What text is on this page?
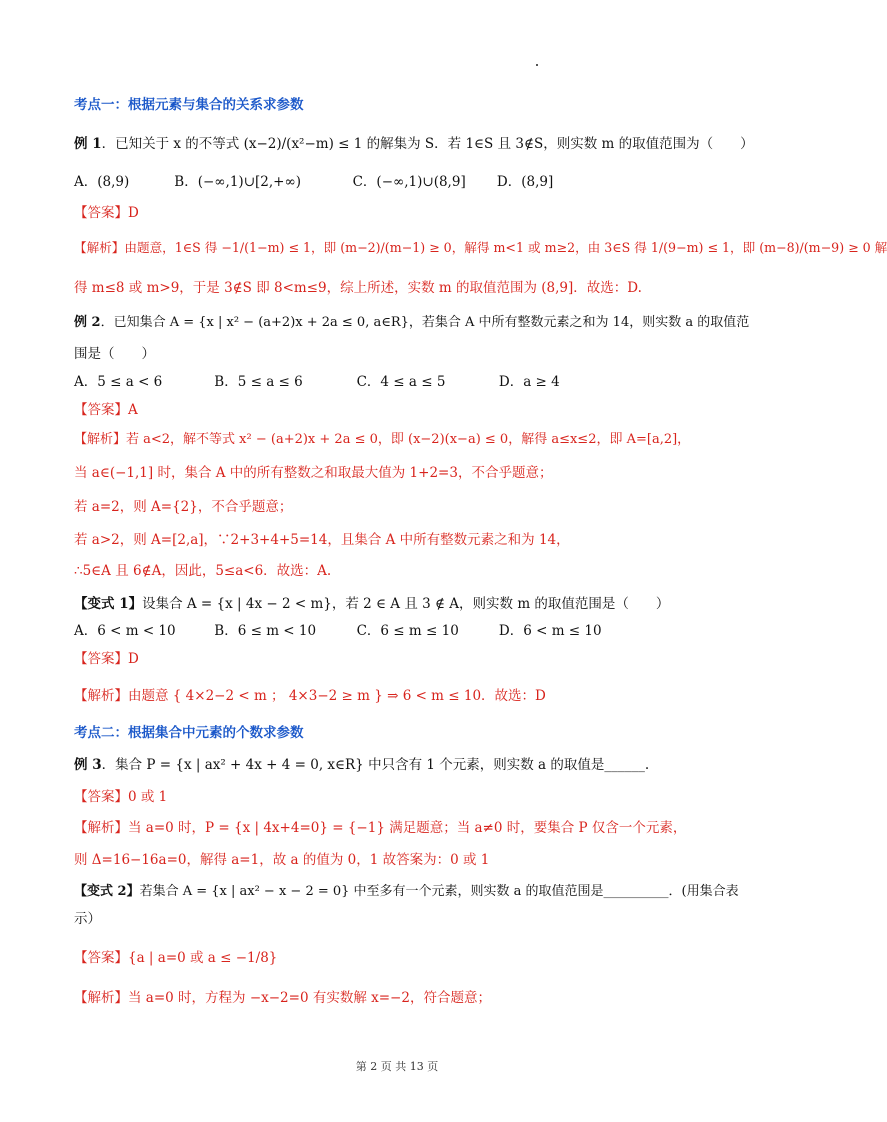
考点一：根据元素与集合的关系求参数
例 1．已知关于 x 的不等式 (x−2)/(x²−m) ≤ 1 的解集为 S．若 1∈S 且 3∉S，则实数 m 的取值范围为（　　）
A．(8,9)	B．(−∞,1)∪[2,+∞)	C．(−∞,1)∪(8,9] D．(8,9]
【答案】D
【解析】由题意，1∈S 得 −1/(1−m) ≤ 1，即 (m−2)/(m−1) ≥ 0，解得 m<1 或 m≥2，由 3∈S 得 1/(9−m) ≤ 1，即 (m−8)/(m−9) ≥ 0 解
得 m≤8 或 m>9，于是 3∉S 即 8<m≤9，综上所述，实数 m 的取值范围为 (8,9]．故选：D.
例 2．已知集合 A = {x | x² − (a+2)x + 2a ≤ 0, a∈R}，若集合 A 中所有整数元素之和为 14，则实数 a 的取值范
围是（　　）
A．5 ≤ a < 6	B．5 ≤ a ≤ 6	C．4 ≤ a ≤ 5	D．a ≥ 4
【答案】A
【解析】若 a<2，解不等式 x² − (a+2)x + 2a ≤ 0，即 (x−2)(x−a) ≤ 0，解得 a≤x≤2，即 A=[a,2]，
当 a∈(−1,1] 时，集合 A 中的所有整数之和取最大值为 1+2=3，不合乎题意；
若 a=2，则 A={2}，不合乎题意；
若 a>2，则 A=[2,a]，∵2+3+4+5=14，且集合 A 中所有整数元素之和为 14，
∴5∈A 且 6∉A，因此，5≤a<6．故选：A.
【变式 1】设集合 A = {x | 4x − 2 < m}，若 2 ∈ A 且 3 ∉ A，则实数 m 的取值范围是（　　）
A．6 < m < 10	B．6 ≤ m < 10	C．6 ≤ m ≤ 10	D．6 < m ≤ 10
【答案】D
【解析】由题意 { 4×2−2 < m ； 4×3−2 ≥ m } ⇒ 6 < m ≤ 10．故选：D
考点二：根据集合中元素的个数求参数
例 3．集合 P = {x | ax² + 4x + 4 = 0, x∈R} 中只含有 1 个元素，则实数 a 的取值是______.
【答案】0 或 1
【解析】当 a=0 时，P = {x | 4x+4=0} = {−1} 满足题意；当 a≠0 时，要集合 P 仅含一个元素，
则 Δ=16−16a=0，解得 a=1，故 a 的值为 0，1 故答案为：0 或 1
【变式 2】若集合 A = {x | ax² − x − 2 = 0} 中至多有一个元素，则实数 a 的取值范围是__________．(用集合表
示）
【答案】{a | a=0 或 a ≤ −1/8}
【解析】当 a=0 时，方程为 −x−2=0 有实数解 x=−2，符合题意；
第 2 页 共 13 页
